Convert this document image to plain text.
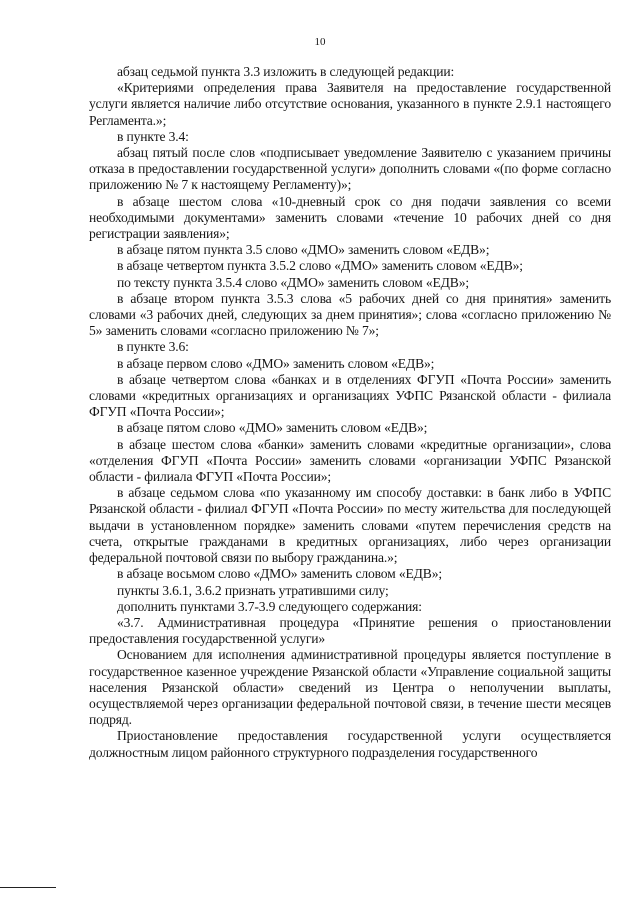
10

абзац седьмой пункта 3.3 изложить в следующей редакции:

«Критериями определения права Заявителя на предоставление государственной услуги является наличие либо отсутствие основания, указанного в пункте 2.9.1 настоящего Регламента.»;

в пункте 3.4:

абзац пятый после слов «подписывает уведомление Заявителю с указанием причины отказа в предоставлении государственной услуги» дополнить словами «(по форме согласно приложению № 7 к настоящему Регламенту)»;

в абзаце шестом слова «10-дневный срок со дня подачи заявления со всеми необходимыми документами» заменить словами «течение 10 рабочих дней со дня регистрации заявления»;

в абзаце пятом пункта 3.5 слово «ДМО» заменить словом «ЕДВ»;

в абзаце четвертом пункта 3.5.2 слово «ДМО» заменить словом «ЕДВ»;

по тексту пункта 3.5.4 слово «ДМО» заменить словом «ЕДВ»;

в абзаце втором пункта 3.5.3 слова «5 рабочих дней со дня принятия» заменить словами «3 рабочих дней, следующих за днем принятия»; слова «согласно приложению № 5» заменить словами «согласно приложению № 7»;

в пункте 3.6:

в абзаце первом слово «ДМО» заменить словом «ЕДВ»;

в абзаце четвертом слова «банках и в отделениях ФГУП «Почта России» заменить словами «кредитных организациях и организациях УФПС Рязанской области - филиала ФГУП «Почта России»;

в абзаце пятом слово «ДМО» заменить словом «ЕДВ»;

в абзаце шестом слова «банки» заменить словами «кредитные организации», слова «отделения ФГУП «Почта России» заменить словами «организации УФПС Рязанской области - филиала ФГУП «Почта России»;

в абзаце седьмом слова «по указанному им способу доставки: в банк либо в УФПС Рязанской области - филиал ФГУП «Почта России» по месту жительства для последующей выдачи в установленном порядке» заменить словами «путем перечисления средств на счета, открытые гражданами в кредитных организациях, либо через организации федеральной почтовой связи по выбору гражданина.»;

в абзаце восьмом слово «ДМО» заменить словом «ЕДВ»;

пункты 3.6.1, 3.6.2 признать утратившими силу;

дополнить пунктами 3.7-3.9 следующего содержания:

«3.7. Административная процедура «Принятие решения о приостановлении предоставления государственной услуги»

Основанием для исполнения административной процедуры является поступление в государственное казенное учреждение Рязанской области «Управление социальной защиты населения Рязанской области» сведений из Центра о неполучении выплаты, осуществляемой через организации федеральной почтовой связи, в течение шести месяцев подряд.

Приостановление предоставления государственной услуги осуществляется должностным лицом районного структурного подразделения государственного
